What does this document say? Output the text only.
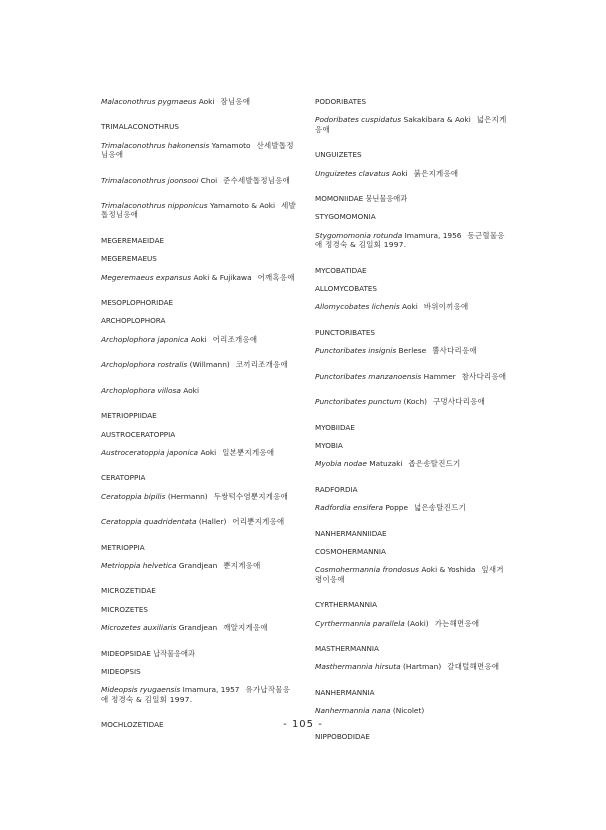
Malaconothrus pygmaeus Aoki 잠님응애
TRIMALACONOTHRUS
Trimalaconothrus hakonensis Yamamoto 산세발톱정님응애
Trimalaconothrus joonsooi Choi 준수세발톱정님응애
Trimalaconothrus nipponicus Yamamoto & Aoki 세발톱정님응애
MEGEREMAEIDAE
MEGEREMAEUS
Megeremaeus expansus Aoki & Fujikawa 어깨혹응애
MESOPLOPHORIDAE
ARCHOPLOPHORA
Archoplophora japonica Aoki 어리조개응애
Archoplophora rostralis (Willmann) 코끼리조개응애
Archoplophora villosa Aoki
METRIOPPIIDAE
AUSTROCERATOPPIA
Austroceratoppia japonica Aoki 일본뿐지게응애
CERATOPPIA
Ceratoppia bipilis (Hermann) 두쌍턱수염뿐지게응애
Ceratoppia quadridentata (Haller) 어리뿐지게응애
METRIOPPIA
Metrioppia helvetica Grandjean 뿐지게응애
MICROZETIDAE
MICROZETES
Microzetes auxiliaris Grandjean 깨알지게응애
MIDEOPSIDAE 납작물응애과
MIDEOPSIS
Mideopsis ryugaensis Imamura, 1957 유가납작물응애 정경숙 & 김일회 1997.
MOCHLOZETIDAE
PODORIBATES
Podoribates cuspidatus Sakakibara & Aoki 넓은지게응애
UNGUIZETES
Unguizetes clavatus Aoki 붉은지게응애
MOMONIIDAE 뭉닌물응애과
STYGOMOMONIA
Stygomomonia rotunda Imamura, 1956 동근혈물응애 정경숙 & 김일회 1997.
MYCOBATIDAE
ALLOMYCOBATES
Allomycobates lichenis Aoki 바위이끼응애
PUNCTORIBATES
Punctoribates insignis Berlese 뿔사다리응애
Punctoribates manzanoensis Hammer 참사다리응애
Punctoribates punctum (Koch) 구멍사다리응애
MYOBIIDAE
MYOBIA
Myobia nodae Matuzaki 좁은송탈진드기
RADFORDIA
Radfordia ensifera Poppe 넓은송탈진드기
NANHERMANNIIDAE
COSMOHERMANNIA
Cosmohermannia frondosus Aoki & Yoshida 잎새거령이응애
CYRTHERMANNIA
Cyrthermannia parallela (Aoki) 가는해면응애
MASTHERMANNIA
Masthermannia hirsuta (Hartman) 갈대털해면응애
NANHERMANNIA
Nanhermannia nana (Nicolet)
NIPPOBODIDAE
- 105 -
